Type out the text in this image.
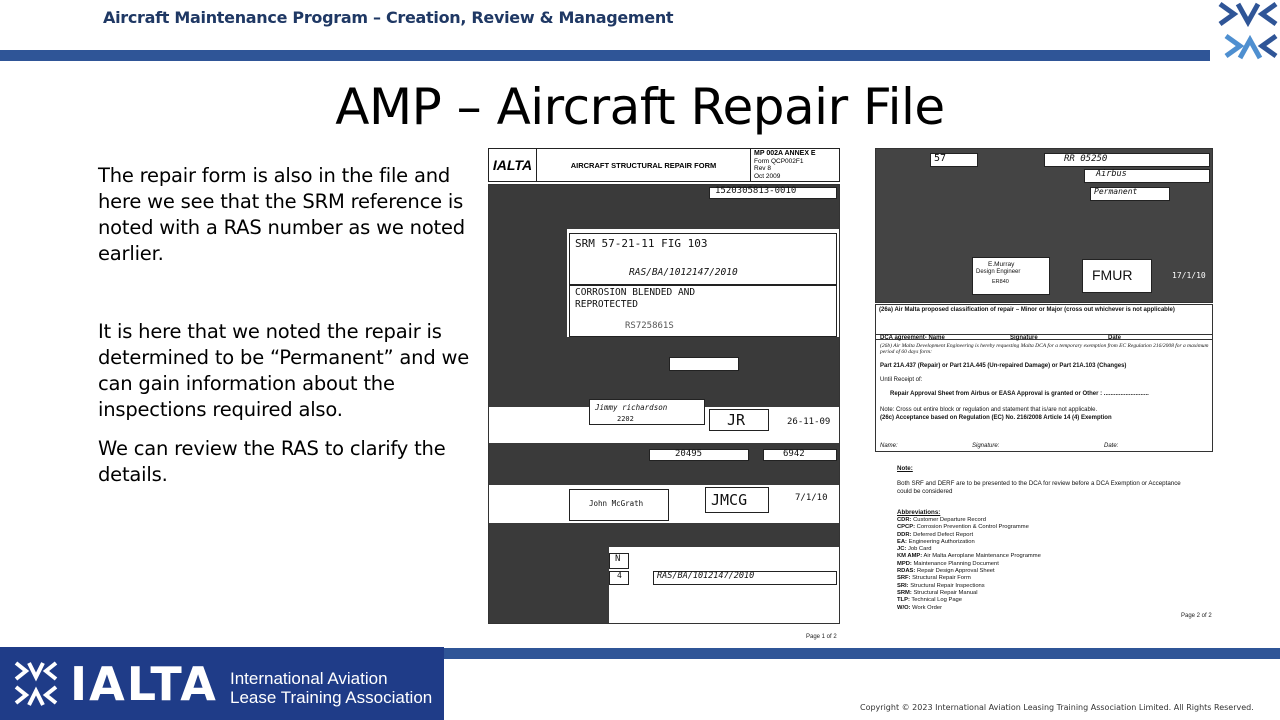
Aircraft Maintenance Program – Creation, Review & Management
AMP – Aircraft Repair File

The repair form is also in the file and here we see that the SRM reference is noted with a RAS number as we noted earlier.

It is here that we noted the repair is determined to be “Permanent” and we can gain information about the inspections required also.

We can review the RAS to clarify the details.

IALTA	AIRCRAFT STRUCTURAL REPAIR FORM
MP 002A ANNEX E
Form QCP002F1
Rev 8
Oct 2009
1520305813-0010
SRM 57-21-11 FIG 103
RAS/BA/1012147/2010
CORROSION BLENDED AND
REPROTECTED
RS725861S
Jimmy richardson
2202	JR	26-11-09
20495	6942
John McGrath	JMCG	7/1/10
N
4	RAS/BA/1012147/2010
Page 1 of 2
57	RR 05250
Airbus
Permanent
E.Murray
Design Engineer
ER840	FMUR	17/1/10
(26a) Air Malta proposed classification of repair – Minor or Major (cross out whichever is not applicable)
DCA agreement- Name	Signature	Date
(26b) Air Malta Development Engineering is hereby requesting Malta DCA for a temporary exemption from EC Regulation 216/2008 for a maximum period of 60 days form:
Part 21A.437 (Repair) or Part 21A.445 (Un-repaired Damage) or Part 21A.103 (Changes)
Until Receipt of:
Repair Approval Sheet from Airbus or EASA Approval is granted or Other : ...........................
Note: Cross out entire block or regulation and statement that is/are not applicable.
(26c) Acceptance based on Regulation (EC) No. 216/2008 Article 14 (4) Exemption
Name:	Signature:	Date:
Note:
Both SRF and DERF are to be presented to the DCA for review before a DCA Exemption or Acceptance could be considered
Abbreviations:
CDR: Customer Departure Record
CPCP: Corrosion Prevention & Control Programme
DDR: Deferred Defect Report
EA: Engineering Authorization
JC: Job Card
KM AMP: Air Malta Aeroplane Maintenance Programme
MPD: Maintenance Planning Document
RDAS: Repair Design Approval Sheet
SRF: Structural Repair Form
SRI: Structural Repair Inspections
SRM: Structural Repair Manual
TLP: Technical Log Page
W/O: Work Order
Page 2 of 2
IALTA International Aviation
Lease Training Association
Copyright © 2023 International Aviation Leasing Training Association Limited. All Rights Reserved.
